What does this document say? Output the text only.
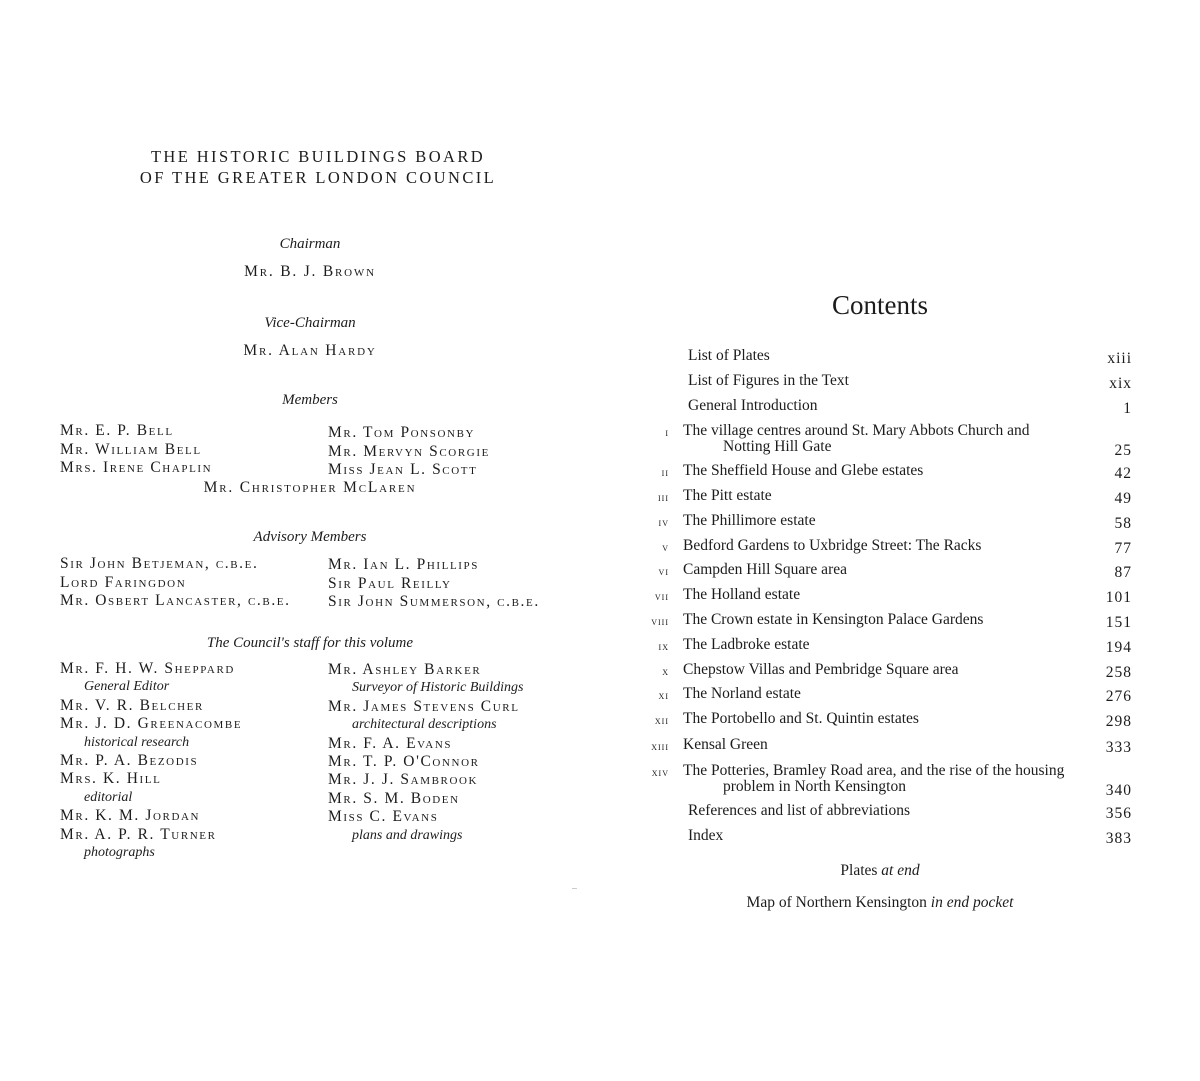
THE HISTORIC BUILDINGS BOARD
OF THE GREATER LONDON COUNCIL
Chairman
Mr. B. J. Brown
Vice-Chairman
Mr. Alan Hardy
Members
Mr. E. P. Bell
Mr. William Bell
Mrs. Irene Chaplin
Mr. Tom Ponsonby
Mr. Mervyn Scorgie
Miss Jean L. Scott
Mr. Christopher McLaren
Advisory Members
Sir John Betjeman, c.b.e.
Lord Faringdon
Mr. Osbert Lancaster, c.b.e.
Mr. Ian L. Phillips
Sir Paul Reilly
Sir John Summerson, c.b.e.
The Council's staff for this volume
Mr. F. H. W. Sheppard
General Editor
Mr. V. R. Belcher
Mr. J. D. Greenacombe
historical research
Mr. P. A. Bezodis
Mrs. K. Hill
editorial
Mr. K. M. Jordan
Mr. A. P. R. Turner
photographs
Mr. Ashley Barker
Surveyor of Historic Buildings
Mr. James Stevens Curl
architectural descriptions
Mr. F. A. Evans
Mr. T. P. O'Connor
Mr. J. J. Sambrook
Mr. S. M. Boden
Miss C. Evans
plans and drawings
Contents
List of Plates	xiii
List of Figures in the Text	xix
General Introduction	1
i The village centres around St. Mary Abbots Church and
Notting Hill Gate	25
ii The Sheffield House and Glebe estates	42
iii The Pitt estate	49
iv The Phillimore estate	58
v Bedford Gardens to Uxbridge Street: The Racks	77
vi Campden Hill Square area	87
vii The Holland estate	101
viii The Crown estate in Kensington Palace Gardens	151
ix The Ladbroke estate	194
x Chepstow Villas and Pembridge Square area	258
xi The Norland estate	276
xii The Portobello and St. Quintin estates	298
xiii Kensal Green	333
xiv The Potteries, Bramley Road area, and the rise of the housing
problem in North Kensington	340
References and list of abbreviations	356
Index	383
Plates at end
Map of Northern Kensington in end pocket
